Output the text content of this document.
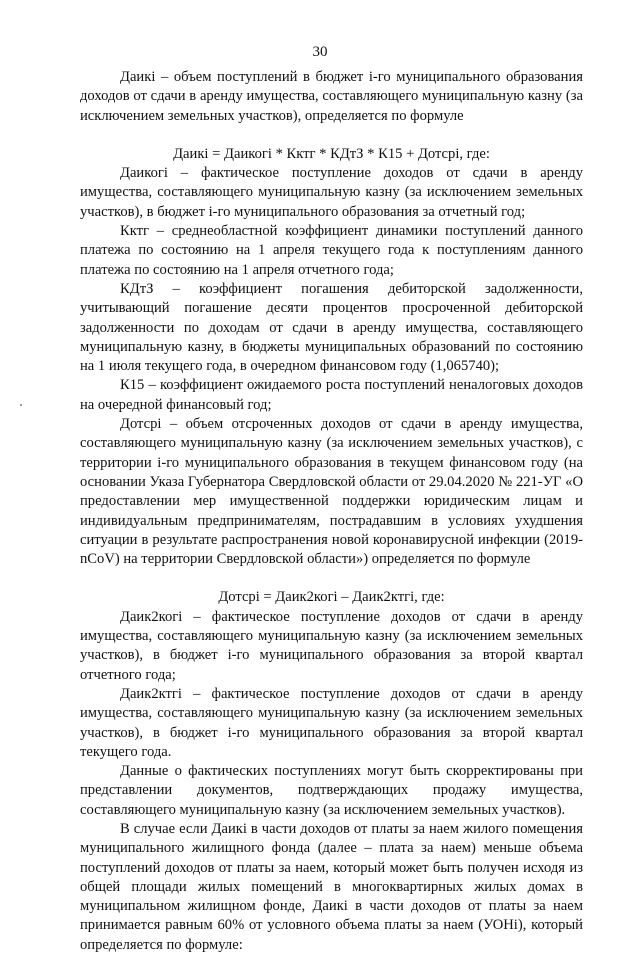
30

Даикi – объем поступлений в бюджет i-го муниципального образования доходов от сдачи в аренду имущества, составляющего муниципальную казну (за исключением земельных участков), определяется по формуле

Даикi = Даикогi * Кктг * КДтЗ * К15 + Дотсрi, где:

Даикогi – фактическое поступление доходов от сдачи в аренду имущества, составляющего муниципальную казну (за исключением земельных участков), в бюджет i-го муниципального образования за отчетный год;

Кктг – среднеобластной коэффициент динамики поступлений данного платежа по состоянию на 1 апреля текущего года к поступлениям данного платежа по состоянию на 1 апреля отчетного года;

КДтЗ – коэффициент погашения дебиторской задолженности, учитывающий погашение десяти процентов просроченной дебиторской задолженности по доходам от сдачи в аренду имущества, составляющего муниципальную казну, в бюджеты муниципальных образований по состоянию на 1 июля текущего года, в очередном финансовом году (1,065740);

К15 – коэффициент ожидаемого роста поступлений неналоговых доходов на очередной финансовый год;

Дотсрi – объем отсроченных доходов от сдачи в аренду имущества, составляющего муниципальную казну (за исключением земельных участков), с территории i-го муниципального образования в текущем финансовом году (на основании Указа Губернатора Свердловской области от 29.04.2020 № 221-УГ «О предоставлении мер имущественной поддержки юридическим лицам и индивидуальным предпринимателям, пострадавшим в условиях ухудшения ситуации в результате распространения новой коронавирусной инфекции (2019-nCoV) на территории Свердловской области») определяется по формуле

Дотсрi = Даик2когi – Даик2ктгi, где:

Даик2когi – фактическое поступление доходов от сдачи в аренду имущества, составляющего муниципальную казну (за исключением земельных участков), в бюджет i-го муниципального образования за второй квартал отчетного года;

Даик2ктгi – фактическое поступление доходов от сдачи в аренду имущества, составляющего муниципальную казну (за исключением земельных участков), в бюджет i-го муниципального образования за второй квартал текущего года.

Данные о фактических поступлениях могут быть скорректированы при представлении документов, подтверждающих продажу имущества, составляющего муниципальную казну (за исключением земельных участков).

В случае если Даикi в части доходов от платы за наем жилого помещения муниципального жилищного фонда (далее – плата за наем) меньше объема поступлений доходов от платы за наем, который может быть получен исходя из общей площади жилых помещений в многоквартирных жилых домах в муниципальном жилищном фонде, Даикi в части доходов от платы за наем принимается равным 60% от условного объема платы за наем (УОНi), который определяется по формуле:
